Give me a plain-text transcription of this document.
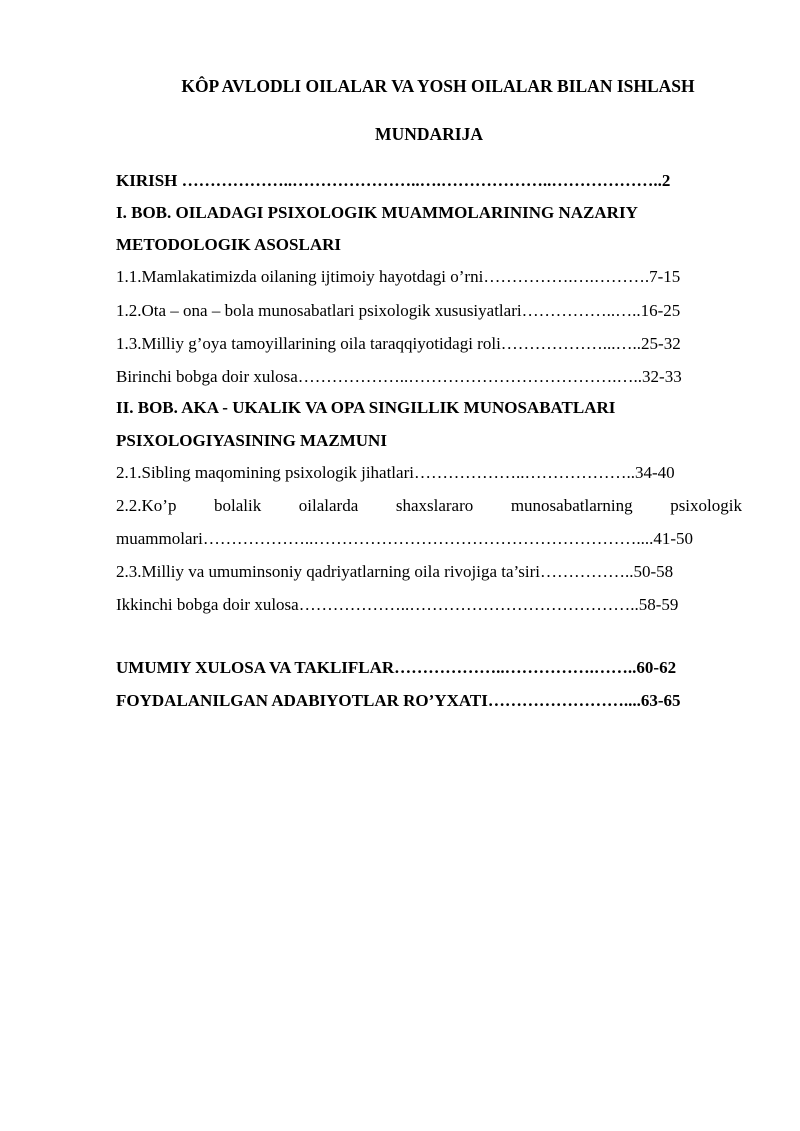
KÔP AVLODLI OILALAR VA YOSH OILALAR BILAN ISHLASH
MUNDARIJA
KIRISH ………………..…………………..….………………..………………..2
I. BOB. OILADAGI PSIXOLOGIK MUAMMOLARINING NAZARIY
METODOLOGIK ASOSLARI
1.1.Mamlakatimizda oilaning ijtimoiy hayotdagi o’rni…………….….……….7-15
1.2.Ota – ona – bola munosabatlari psixologik xususiyatlari……………..…..16-25
1.3.Milliy g’oya tamoyillarining oila taraqqiyotidagi roli………………...…..25-32
Birinchi bobga doir xulosa………………..……………………………….…..32-33
II. BOB. AKA - UKALIK VA OPA SINGILLIK MUNOSABATLARI
PSIXOLOGIYASINING MAZMUNI
2.1.Sibling maqomining psixologik jihatlari………………..………………..34-40
2.2.Ko’p bolalik oilalarda shaxslararo munosabatlarning psixologik
muammolari………………..…………………………………………………....41-50
2.3.Milliy va umuminsoniy qadriyatlarning oila rivojiga ta’siri……………..50-58
Ikkinchi bobga doir xulosa………………..…………………………………..58-59
UMUMIY XULOSA VA TAKLIFLAR………………..…………….……..60-62
FOYDALANILGAN ADABIYOTLAR RO’YXATI……………………....63-65
